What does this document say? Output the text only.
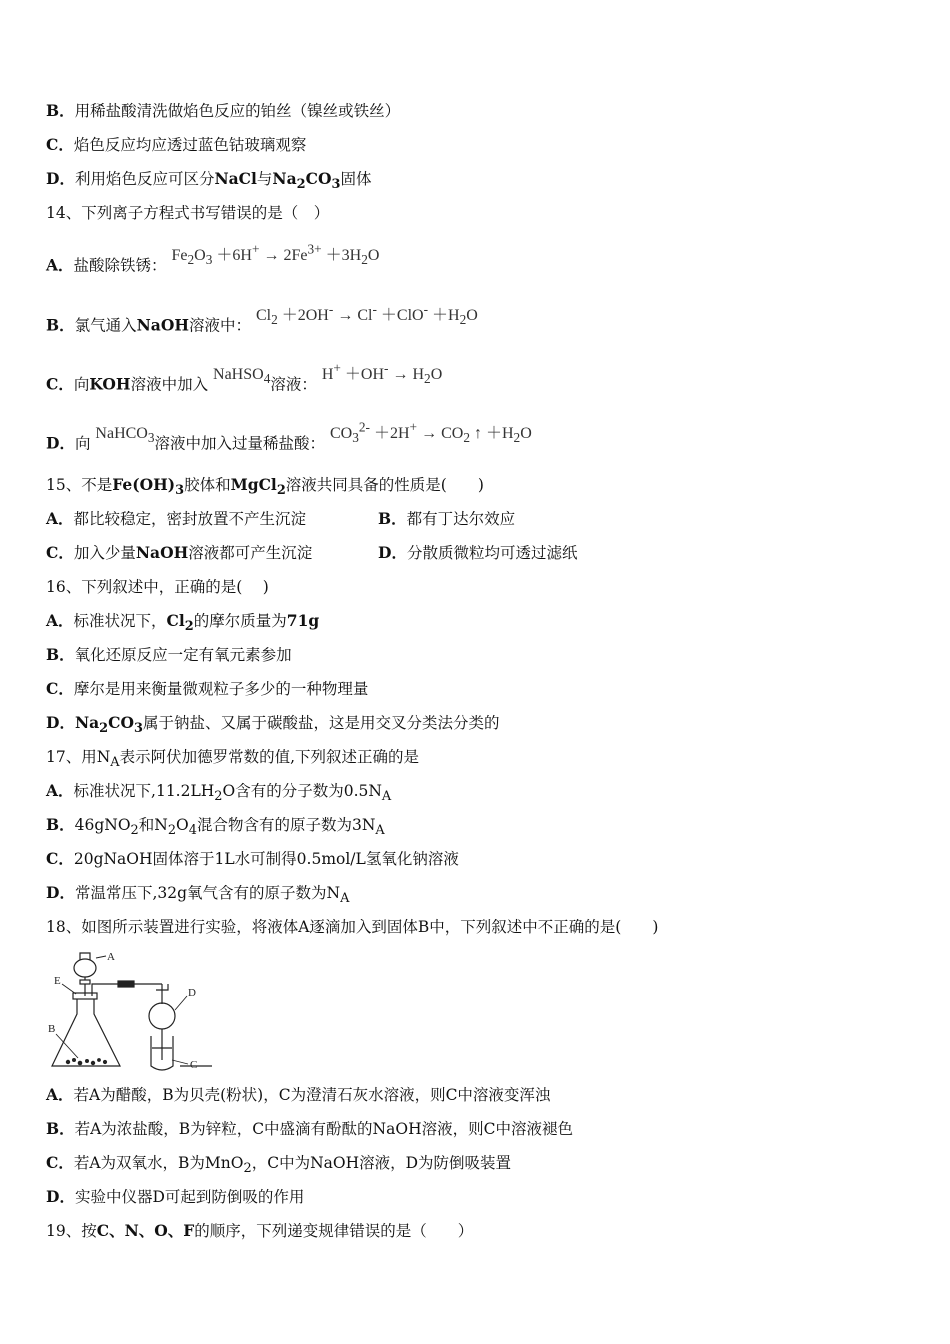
B．用稀盐酸清洗做焰色反应的铂丝（镍丝或铁丝）
C．焰色反应均应透过蓝色钴玻璃观察
D．利用焰色反应可区分NaCl与$Na_2CO_3$固体
14、下列离子方程式书写错误的是（　）
A．盐酸除铁锈： $Fe_2O_3 +6H^+ \to 2Fe^{3+} +3H_2O$
B．氯气通入NaOH溶液中： $Cl_2 +2OH^- \to Cl^- +ClO^- +H_2O$
C．向KOH溶液中加入 NaHSO$_4$溶液： $H^+ +OH^- \to H_2O$
D．向 NaHCO$_3$溶液中加入过量稀盐酸： $CO_3^{2-} +2H^+ \to CO_2$ ↑ $+H_2O$
15、不是$Fe(OH)_3$胶体和MgCl$_2$溶液共同具备的性质是(　　)
A．都比较稳定，密封放置不产生沉淀	B．都有丁达尔效应
C．加入少量NaOH溶液都可产生沉淀	D．分散质微粒均可透过滤纸
16、下列叙述中，正确的是(　 )
A．标准状况下，$Cl_2$的摩尔质量为71g
B．氧化还原反应一定有氧元素参加
C．摩尔是用来衡量微观粒子多少的一种物理量
D．$Na_2CO_3$属于钠盐、又属于碳酸盐，这是用交叉分类法分类的
17、用$N_A$表示阿伏加德罗常数的值,下列叙述正确的是
A．标准状况下$,11.2LH_2O$含有的分子数为$0.5N_A$
B．46gNO$_2$和$N_2O_4$混合物含有的原子数为$3N_A$
C．20gNaOH固体溶于1L水可制得0.5mol/L氢氧化钠溶液
D．常温常压下,32g氧气含有的原子数为$N_A$
18、如图所示装置进行实验，将液体A逐滴加入到固体B中，下列叙述中不正确的是(　　)
A
E
B
D
C
A．若A为醋酸，B为贝壳(粉状)，C为澄清石灰水溶液，则C中溶液变浑浊
B．若A为浓盐酸，B为锌粒，C中盛滴有酚酞的NaOH溶液，则C中溶液褪色
C．若A为双氧水，B为MnO$_2$，C中为NaOH溶液，D为防倒吸装置
D．实验中仪器D可起到防倒吸的作用
19、按C、N、O、F的顺序，下列递变规律错误的是（　　）
